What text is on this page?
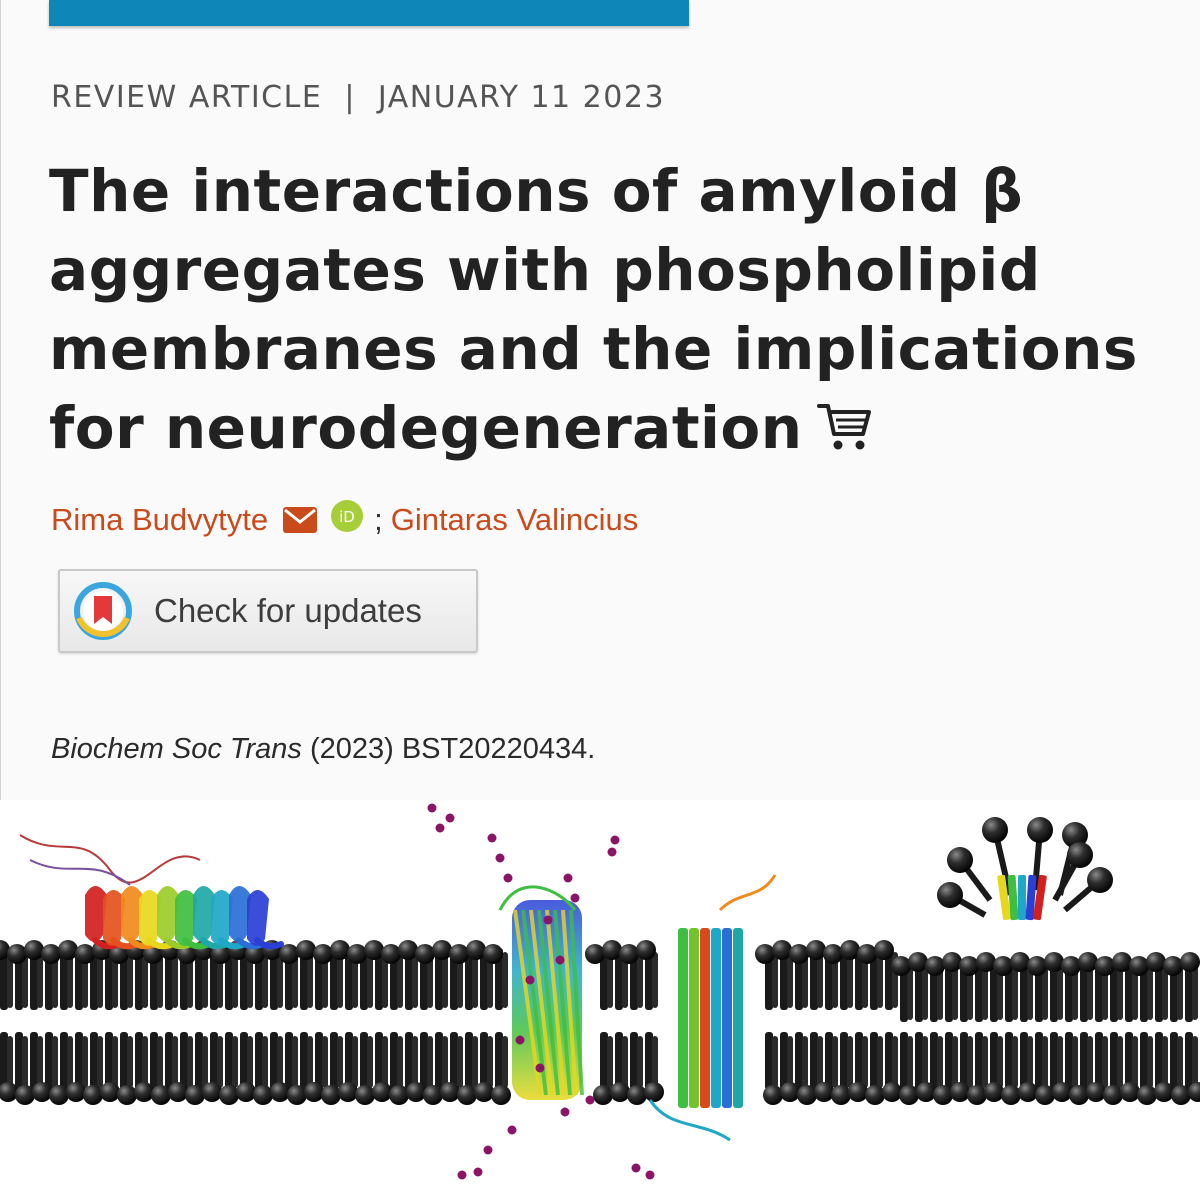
REVIEW ARTICLE | JANUARY 11 2023
The interactions of amyloid β aggregates with phospholipid membranes and the implications for neurodegeneration
Rima Budvytyte	iD ; Gintaras Valincius
Check for updates
Biochem Soc Trans (2023) BST20220434.
